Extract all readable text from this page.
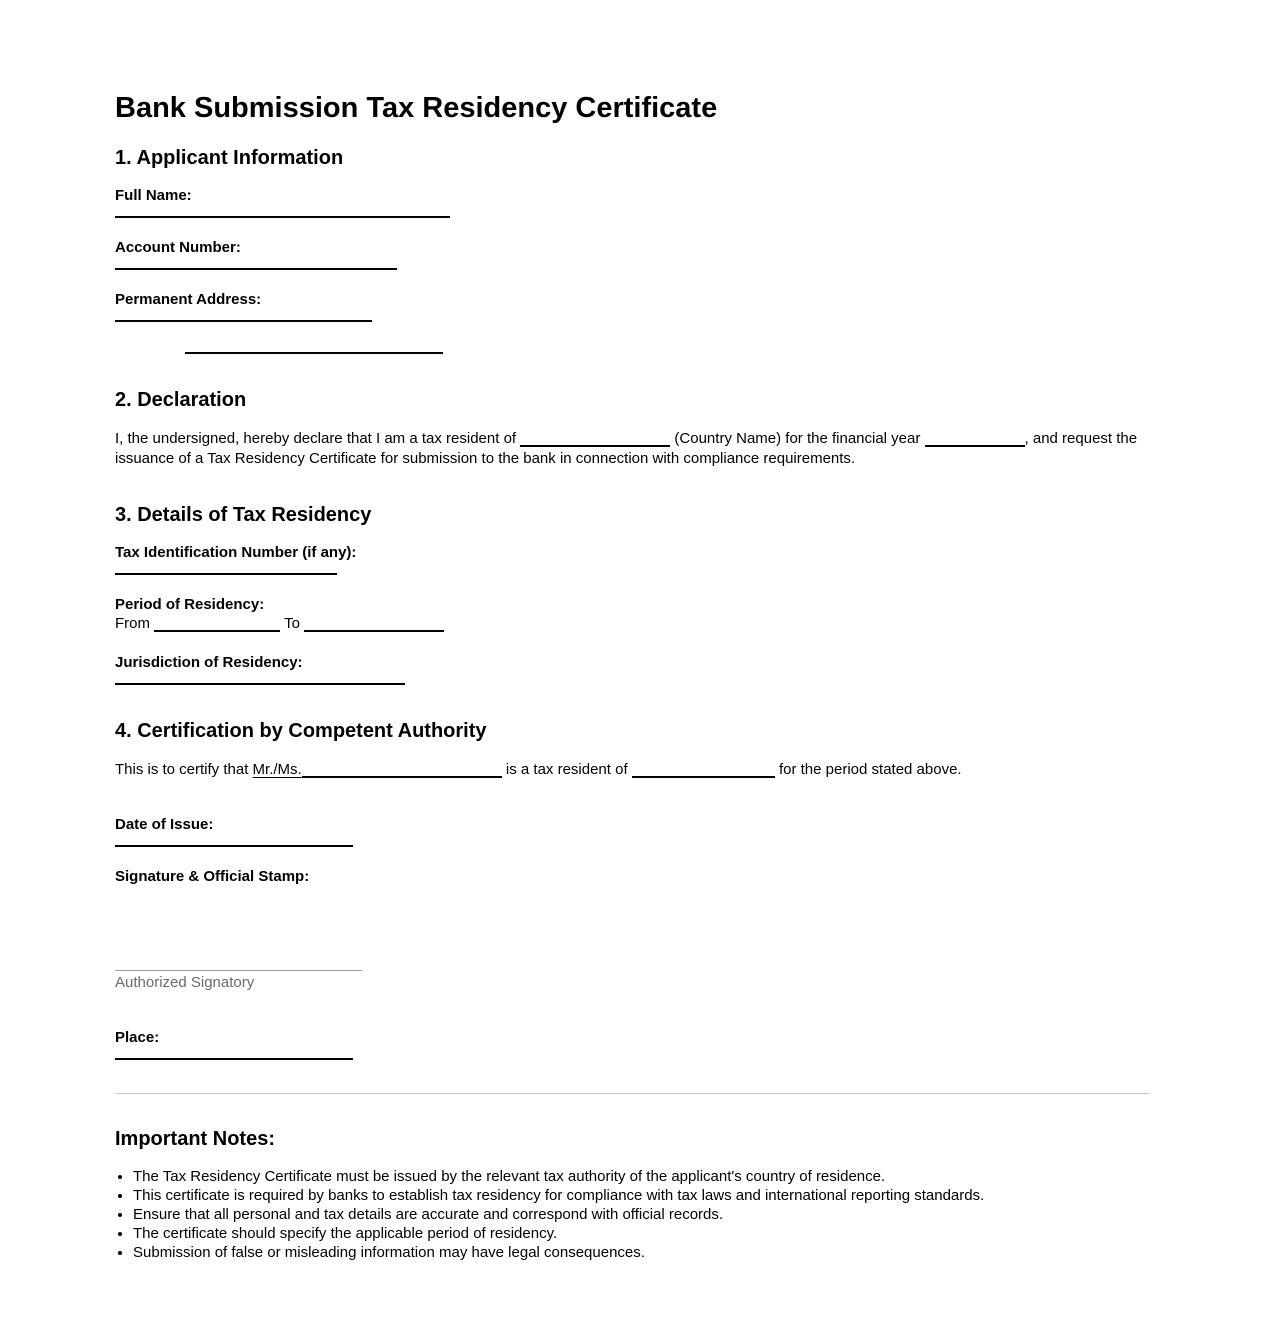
Bank Submission Tax Residency Certificate
1. Applicant Information
Full Name:
Account Number:
Permanent Address:
2. Declaration

I, the undersigned, hereby declare that I am a tax resident of	(Country Name) for the financial year	, and request the issuance of a Tax Residency Certificate for submission to the bank in connection with compliance requirements.

3. Details of Tax Residency
Tax Identification Number (if any):
Period of Residency:
From	To
Jurisdiction of Residency:
4. Certification by Competent Authority

This is to certify that Mr./Ms.	is a tax resident of	for the period stated above.

Date of Issue:
Signature & Official Stamp:
Authorized Signatory
Place:
Important Notes:
• The Tax Residency Certificate must be issued by the relevant tax authority of the applicant's country of residence.
• This certificate is required by banks to establish tax residency for compliance with tax laws and international reporting standards.
• Ensure that all personal and tax details are accurate and correspond with official records.
• The certificate should specify the applicable period of residency.
• Submission of false or misleading information may have legal consequences.
